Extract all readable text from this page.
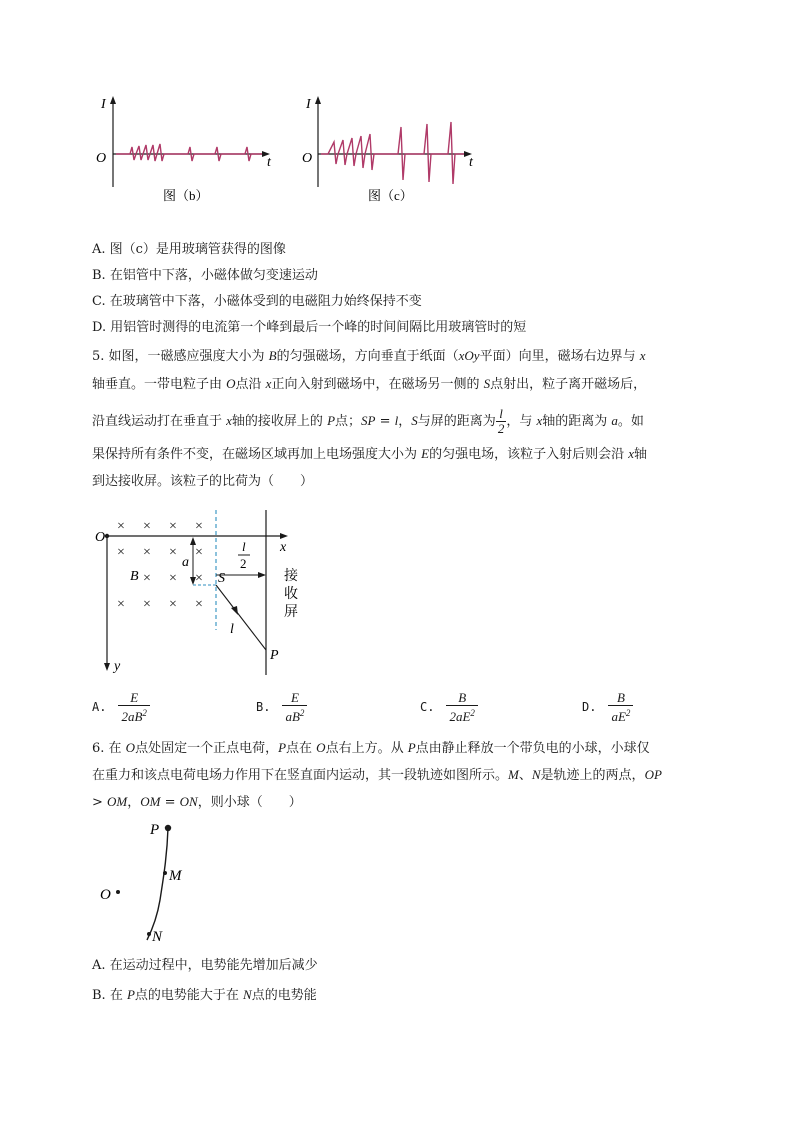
I
t
O
I
t
O
图（b）	图（c）
A. 图（c）是用玻璃管获得的图像
B. 在铝管中下落，小磁体做匀变速运动
C. 在玻璃管中下落，小磁体受到的电磁阻力始终保持不变
D. 用铝管时测得的电流第一个峰到最后一个峰的时间间隔比用玻璃管时的短
5. 如图，一磁感应强度大小为 B的匀强磁场，方向垂直于纸面（xOy平面）向里，磁场右边界与 x
轴垂直。一带电粒子由 O点沿 x正向入射到磁场中，在磁场另一侧的 S点射出，粒子离开磁场后，
沿直线运动打在垂直于 x轴的接收屏上的 P点；SP = l，S与屏的距离为 $\frac{l}{2}$ ，与 x轴的距离为 a。如
果保持所有条件不变，在磁场区域再加上电场强度大小为 E的匀强电场，该粒子入射后则会沿 x轴
到达接收屏。该粒子的比荷为（　　）
O
x
y
× × × ×
× × × ×
× × ×
× × × ×
B
a
S
l
2
接
收
屏
l
P
A. $\frac{E}{2aB^2}$	B. $\frac{E}{aB^2}$	C. $\frac{B}{2aE^2}$	D. $\frac{B}{aE^2}$
6. 在 O点处固定一个正点电荷，P点在 O点右上方。从 P点由静止释放一个带负电的小球，小球仅
在重力和该点电荷电场力作用下在竖直面内运动，其一段轨迹如图所示。M、N是轨迹上的两点，OP
> OM，OM = ON，则小球（　　）
P
M
N
O
A. 在运动过程中，电势能先增加后减少
B. 在 P点的电势能大于在 N点的电势能
